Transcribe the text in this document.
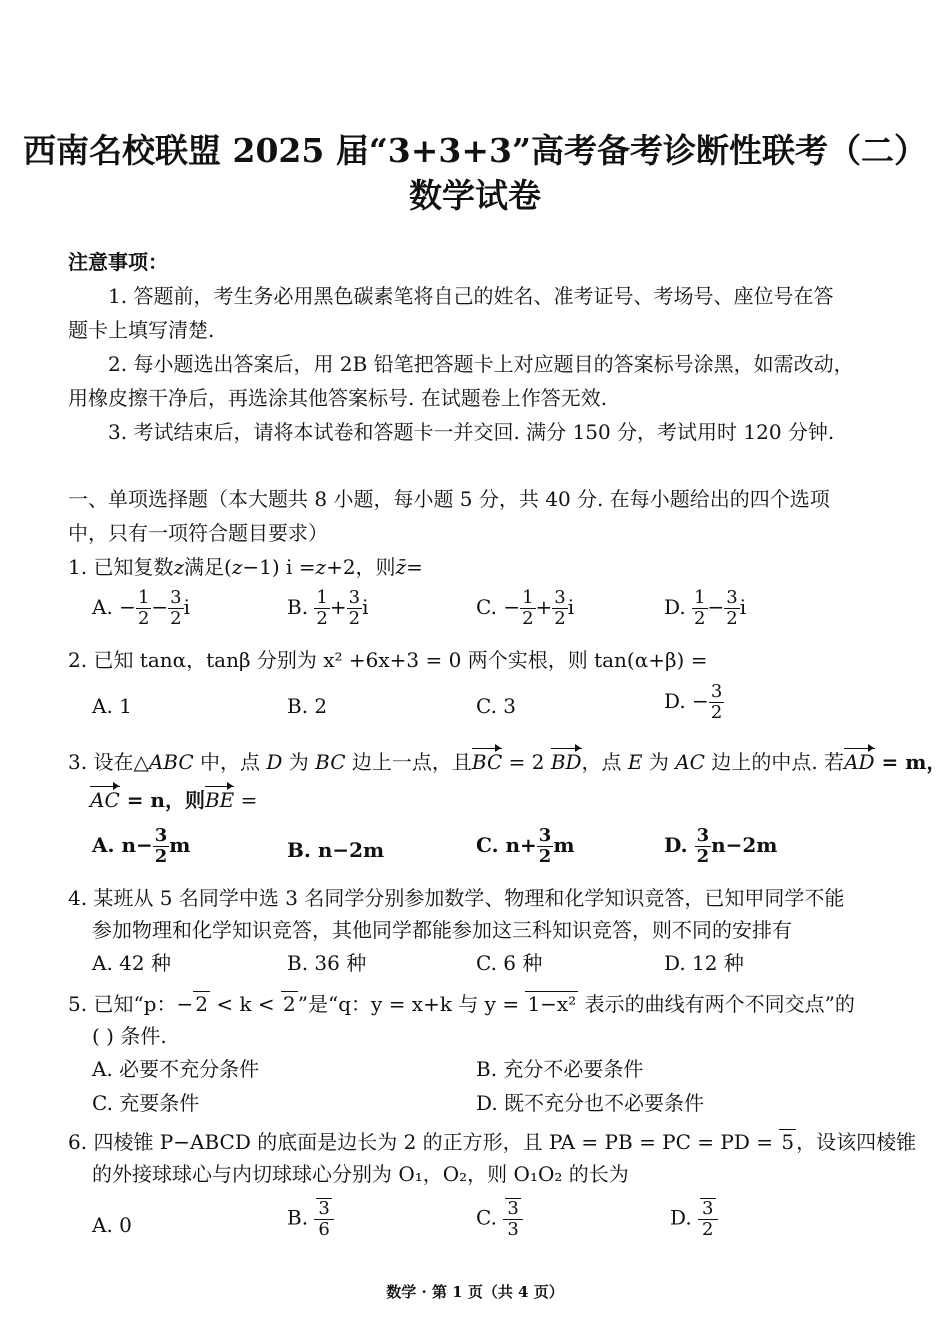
西南名校联盟 2025 届“3+3+3”高考备考诊断性联考（二）
数学试卷
注意事项：
1. 答题前，考生务必用黑色碳素笔将自己的姓名、准考证号、考场号、座位号在答
题卡上填写清楚.
2. 每小题选出答案后，用 2B 铅笔把答题卡上对应题目的答案标号涂黑，如需改动，
用橡皮擦干净后，再选涂其他答案标号. 在试题卷上作答无效.
3. 考试结束后，请将本试卷和答题卡一并交回. 满分 150 分，考试用时 120 分钟.
一、单项选择题（本大题共 8 小题，每小题 5 分，共 40 分. 在每小题给出的四个选项
中，只有一项符合题目要求）
1. 已知复数z满足(z−1) i =z+2，则z̄=
A. − $\frac{1}{2} - \frac{3}{2}$ i	B. $\frac{1}{2} + \frac{3}{2}$ i	C. − $\frac{1}{2} + \frac{3}{2}$ i	D. $\frac{1}{2} - \frac{3}{2}$ i
2. 已知 tanα，tanβ 分别为 x² +6x+3 = 0 两个实根，则 tan(α+β) =
A. 1	B. 2	C. 3	D. − $\frac{3}{2}$
3. 设在△ABC 中，点 D 为 BC 边上一点，且BC = 2 BD，点 E 为 AC 边上的中点. 若AD = m，
AC = n，则BE =
A. $n- \frac{3}{2}$ m	B. n−2m	C. $n+ \frac{3}{2}$ m	D. $\frac{3}{2} n-2m$
4. 某班从 5 名同学中选 3 名同学分别参加数学、物理和化学知识竞答，已知甲同学不能
参加物理和化学知识竞答，其他同学都能参加这三科知识竞答，则不同的安排有
A. 42 种	B. 36 种	C. 6 种	D. 12 种
5. 已知“p：− 2 < k < 2 ”是“q：y = x+k 与 y = 1−x² 表示的曲线有两个不同交点”的
( ) 条件.
A. 必要不充分条件	B. 充分不必要条件
C. 充要条件	D. 既不充分也不必要条件
6. 四棱锥 P−ABCD 的底面是边长为 2 的正方形，且 PA = PB = PC = PD = 5 ，设该四棱锥
的外接球球心与内切球球心分别为 O₁，O₂，则 O₁O₂ 的长为
A. 0	B. $\frac{3}{6}$	C. $\frac{3}{3}$	D. $\frac{3}{2}$
数学 · 第 1 页（共 4 页）
